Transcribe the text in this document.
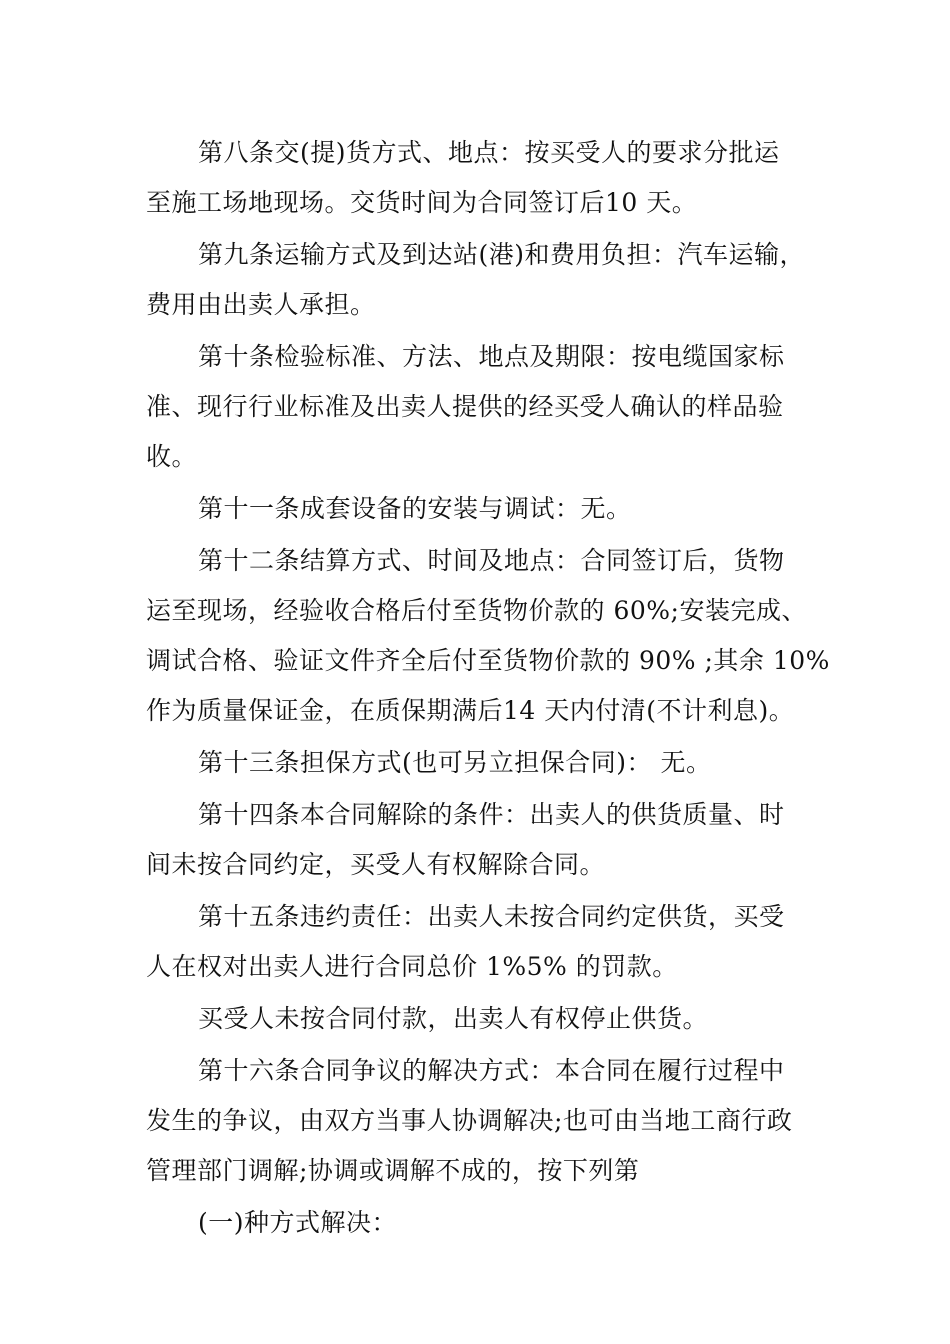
第八条交(提)货方式、地点：按买受人的要求分批运
至施工场地现场。交货时间为合同签订后10 天。
第九条运输方式及到达站(港)和费用负担：汽车运输，
费用由出卖人承担。
第十条检验标准、方法、地点及期限：按电缆国家标
准、现行行业标准及出卖人提供的经买受人确认的样品验
收。
第十一条成套设备的安装与调试：无。
第十二条结算方式、时间及地点：合同签订后，货物
运至现场，经验收合格后付至货物价款的 60%;安装完成、
调试合格、验证文件齐全后付至货物价款的 90% ;其余 10%
作为质量保证金，在质保期满后14 天内付清(不计利息)。
第十三条担保方式(也可另立担保合同)： 无。
第十四条本合同解除的条件：出卖人的供货质量、时
间未按合同约定，买受人有权解除合同。
第十五条违约责任：出卖人未按合同约定供货，买受
人在权对出卖人进行合同总价 1%5% 的罚款。
买受人未按合同付款，出卖人有权停止供货。
第十六条合同争议的解决方式：本合同在履行过程中
发生的争议，由双方当事人协调解决;也可由当地工商行政
管理部门调解;协调或调解不成的，按下列第
(一)种方式解决：
